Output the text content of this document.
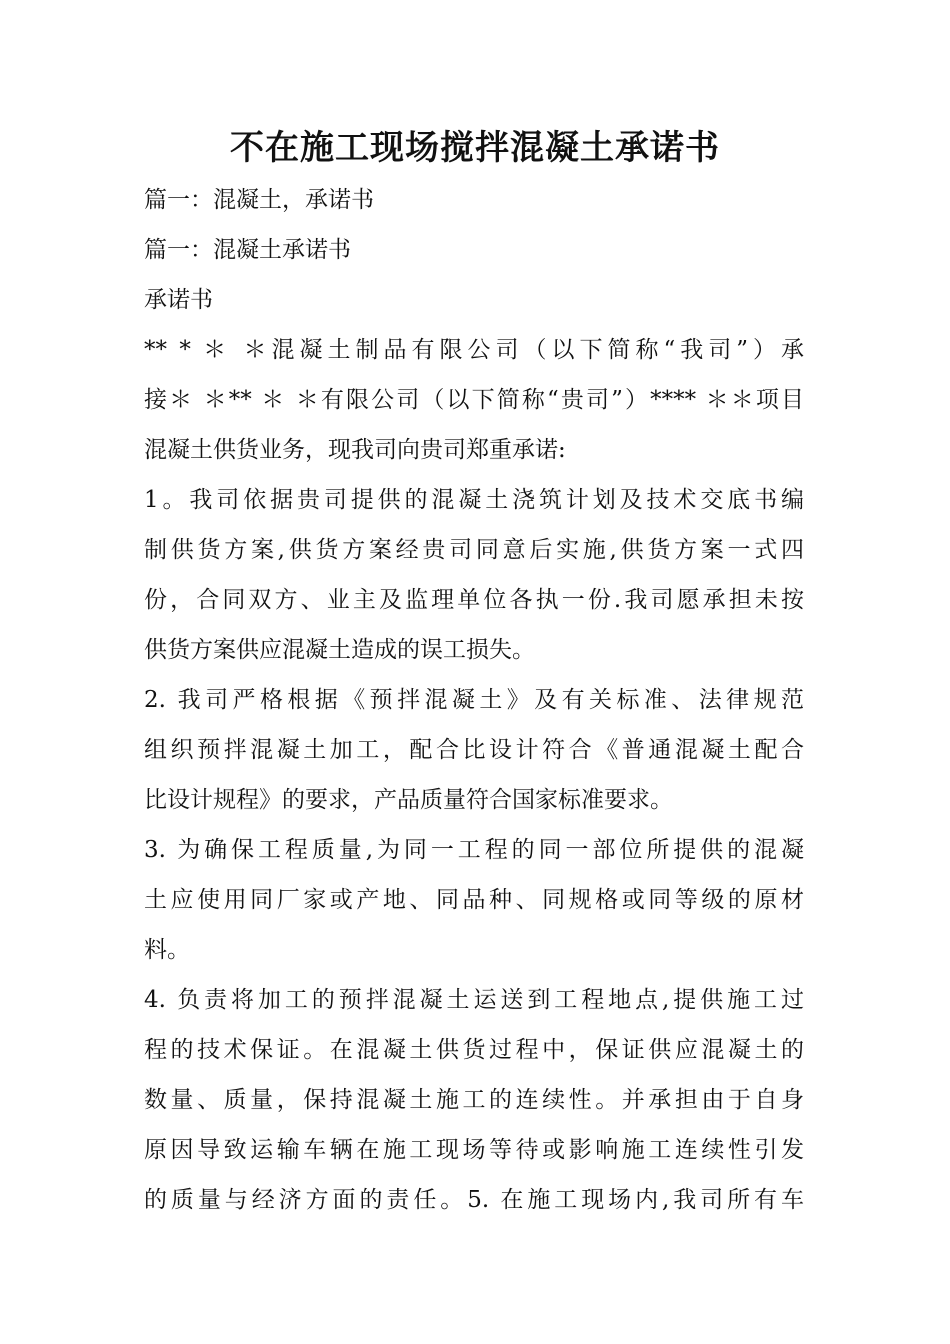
不在施工现场搅拌混凝土承诺书
篇一：混凝土，承诺书
篇一：混凝土承诺书
承诺书
** * ＊ ＊混凝土制品有限公司（以下简称“我司”）承
接＊ ＊** ＊ ＊有限公司（以下简称“贵司”）**** ＊＊项目
混凝土供货业务，现我司向贵司郑重承诺:
1。我司依据贵司提供的混凝土浇筑计划及技术交底书编
制供货方案,供货方案经贵司同意后实施,供货方案一式四
份，合同双方、业主及监理单位各执一份.我司愿承担未按
供货方案供应混凝土造成的误工损失。
2. 我司严格根据《预拌混凝土》及有关标准、法律规范
组织预拌混凝土加工，配合比设计符合《普通混凝土配合
比设计规程》的要求，产品质量符合国家标准要求。
3. 为确保工程质量,为同一工程的同一部位所提供的混凝
土应使用同厂家或产地、同品种、同规格或同等级的原材
料。
4. 负责将加工的预拌混凝土运送到工程地点,提供施工过
程的技术保证。在混凝土供货过程中，保证供应混凝土的
数量、质量，保持混凝土施工的连续性。并承担由于自身
原因导致运输车辆在施工现场等待或影响施工连续性引发
的质量与经济方面的责任。5. 在施工现场内,我司所有车
